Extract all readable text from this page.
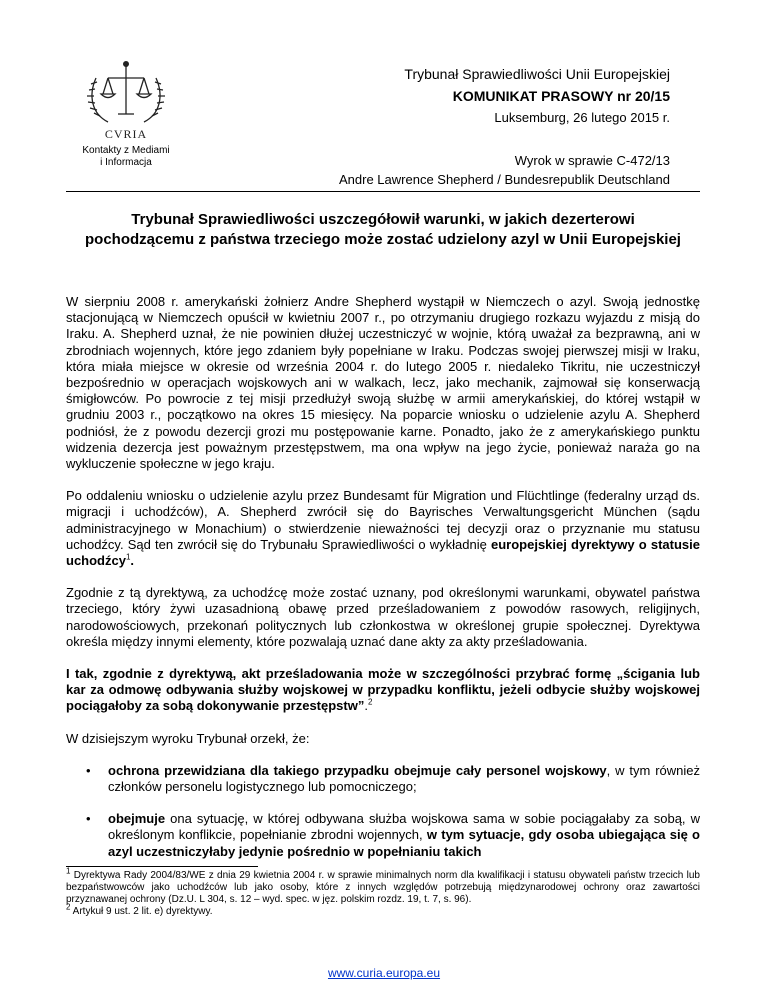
CVRIA
Kontakty z Mediami
i Informacja
Trybunał Sprawiedliwości Unii Europejskiej
KOMUNIKAT PRASOWY nr 20/15
Luksemburg, 26 lutego 2015 r.
Wyrok w sprawie C-472/13
Andre Lawrence Shepherd / Bundesrepublik Deutschland
Trybunał Sprawiedliwości uszczegółowił warunki, w jakich dezerterowi
pochodzącemu z państwa trzeciego może zostać udzielony azyl w Unii Europejskiej

W sierpniu 2008 r. amerykański żołnierz Andre Shepherd wystąpił w Niemczech o azyl. Swoją jednostkę stacjonującą w Niemczech opuścił w kwietniu 2007 r., po otrzymaniu drugiego rozkazu wyjazdu z misją do Iraku. A. Shepherd uznał, że nie powinien dłużej uczestniczyć w wojnie, którą uważał za bezprawną, ani w zbrodniach wojennych, które jego zdaniem były popełniane w Iraku. Podczas swojej pierwszej misji w Iraku, która miała miejsce w okresie od września 2004 r. do lutego 2005 r. niedaleko Tikritu, nie uczestniczył bezpośrednio w operacjach wojskowych ani w walkach, lecz, jako mechanik, zajmował się konserwacją śmigłowców. Po powrocie z tej misji przedłużył swoją służbę w armii amerykańskiej, do której wstąpił w grudniu 2003 r., początkowo na okres 15 miesięcy. Na poparcie wniosku o udzielenie azylu A. Shepherd podniósł, że z powodu dezercji grozi mu postępowanie karne. Ponadto, jako że z amerykańskiego punktu widzenia dezercja jest poważnym przestępstwem, ma ona wpływ na jego życie, ponieważ naraża go na wykluczenie społeczne w jego kraju.

Po oddaleniu wniosku o udzielenie azylu przez Bundesamt für Migration und Flüchtlinge (federalny urząd ds. migracji i uchodźców), A. Shepherd zwrócił się do Bayrisches Verwaltungsgericht München (sądu administracyjnego w Monachium) o stwierdzenie nieważności tej decyzji oraz o przyznanie mu statusu uchodźcy. Sąd ten zwrócił się do Trybunału Sprawiedliwości o wykładnię europejskiej dyrektywy o statusie uchodźcy$^1$.

Zgodnie z tą dyrektywą, za uchodźcę może zostać uznany, pod określonymi warunkami, obywatel państwa trzeciego, który żywi uzasadnioną obawę przed prześladowaniem z powodów rasowych, religijnych, narodowościowych, przekonań politycznych lub członkostwa w określonej grupie społecznej. Dyrektywa określa między innymi elementy, które pozwalają uznać dane akty za akty prześladowania.

I tak, zgodnie z dyrektywą, akt prześladowania może w szczególności przybrać formę „ścigania lub kar za odmowę odbywania służby wojskowej w przypadku konfliktu, jeżeli odbycie służby wojskowej pociągałoby za sobą dokonywanie przestępstw”.$^2$

W dzisiejszym wyroku Trybunał orzekł, że:

• ochrona przewidziana dla takiego przypadku obejmuje cały personel wojskowy, w tym również członków personelu logistycznego lub pomocniczego;
• obejmuje ona sytuację, w której odbywana służba wojskowa sama w sobie pociągałaby za sobą, w określonym konflikcie, popełnianie zbrodni wojennych, w tym sytuacje, gdy osoba ubiegająca się o azyl uczestniczyłaby jedynie pośrednio w popełnianiu takich

$^1$ Dyrektywa Rady 2004/83/WE z dnia 29 kwietnia 2004 r. w sprawie minimalnych norm dla kwalifikacji i statusu obywateli państw trzecich lub bezpaństwowców jako uchodźców lub jako osoby, które z innych względów potrzebują międzynarodowej ochrony oraz zawartości przyznawanej ochrony (Dz.U. L 304, s. 12 – wyd. spec. w jęz. polskim rozdz. 19, t. 7, s. 96).

$^2$ Artykuł 9 ust. 2 lit. e) dyrektywy.

www.curia.europa.eu
